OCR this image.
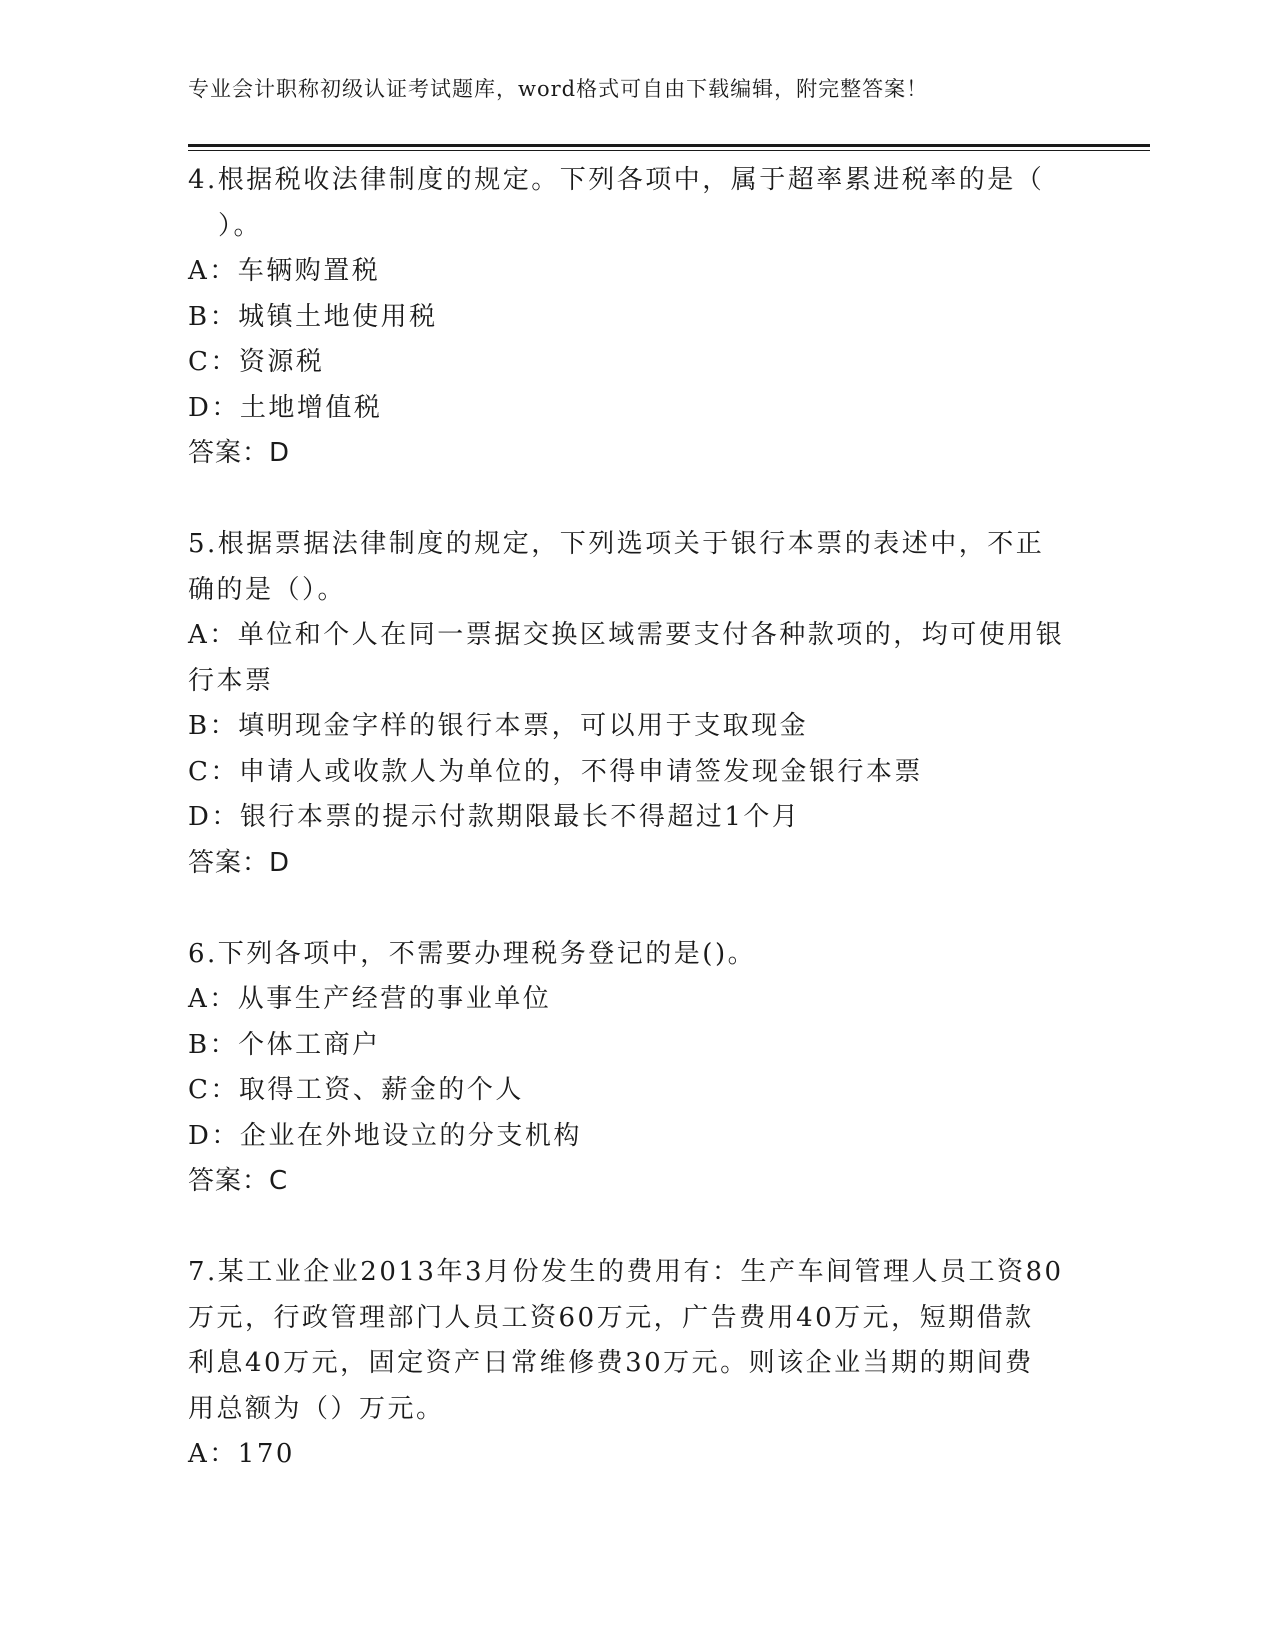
专业会计职称初级认证考试题库，word格式可自由下载编辑，附完整答案！
4.根据税收法律制度的规定。下列各项中，属于超率累进税率的是（
）。
A：车辆购置税
B：城镇土地使用税
C：资源税
D：土地增值税
答案：D
5.根据票据法律制度的规定，下列选项关于银行本票的表述中，不正
确的是（）。
A：单位和个人在同一票据交换区域需要支付各种款项的，均可使用银
行本票
B：填明现金字样的银行本票，可以用于支取现金
C：申请人或收款人为单位的，不得申请签发现金银行本票
D：银行本票的提示付款期限最长不得超过1个月
答案：D
6.下列各项中，不需要办理税务登记的是()。
A：从事生产经营的事业单位
B：个体工商户
C：取得工资、薪金的个人
D：企业在外地设立的分支机构
答案：C
7.某工业企业2013年3月份发生的费用有：生产车间管理人员工资80
万元，行政管理部门人员工资60万元，广告费用40万元，短期借款
利息40万元，固定资产日常维修费30万元。则该企业当期的期间费
用总额为（）万元。
A：170
